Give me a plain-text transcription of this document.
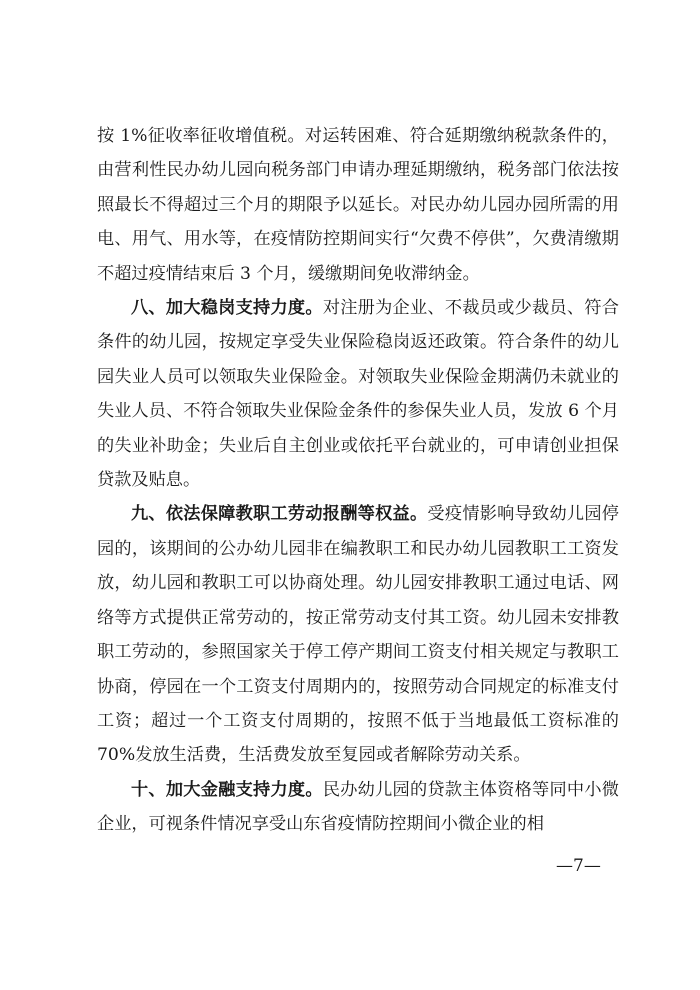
按 1%征收率征收增值税。对运转困难、符合延期缴纳税款条件的，由营利性民办幼儿园向税务部门申请办理延期缴纳，税务部门依法按照最长不得超过三个月的期限予以延长。对民办幼儿园办园所需的用电、用气、用水等，在疫情防控期间实行“欠费不停供”，欠费清缴期不超过疫情结束后 3 个月，缓缴期间免收滞纳金。

八、加大稳岗支持力度。对注册为企业、不裁员或少裁员、符合条件的幼儿园，按规定享受失业保险稳岗返还政策。符合条件的幼儿园失业人员可以领取失业保险金。对领取失业保险金期满仍未就业的失业人员、不符合领取失业保险金条件的参保失业人员，发放 6 个月的失业补助金；失业后自主创业或依托平台就业的，可申请创业担保贷款及贴息。

九、依法保障教职工劳动报酬等权益。受疫情影响导致幼儿园停园的，该期间的公办幼儿园非在编教职工和民办幼儿园教职工工资发放，幼儿园和教职工可以协商处理。幼儿园安排教职工通过电话、网络等方式提供正常劳动的，按正常劳动支付其工资。幼儿园未安排教职工劳动的，参照国家关于停工停产期间工资支付相关规定与教职工协商，停园在一个工资支付周期内的，按照劳动合同规定的标准支付工资；超过一个工资支付周期的，按照不低于当地最低工资标准的 70%发放生活费，生活费发放至复园或者解除劳动关系。

十、加大金融支持力度。民办幼儿园的贷款主体资格等同中小微企业，可视条件情况享受山东省疫情防控期间小微企业的相

—7—
